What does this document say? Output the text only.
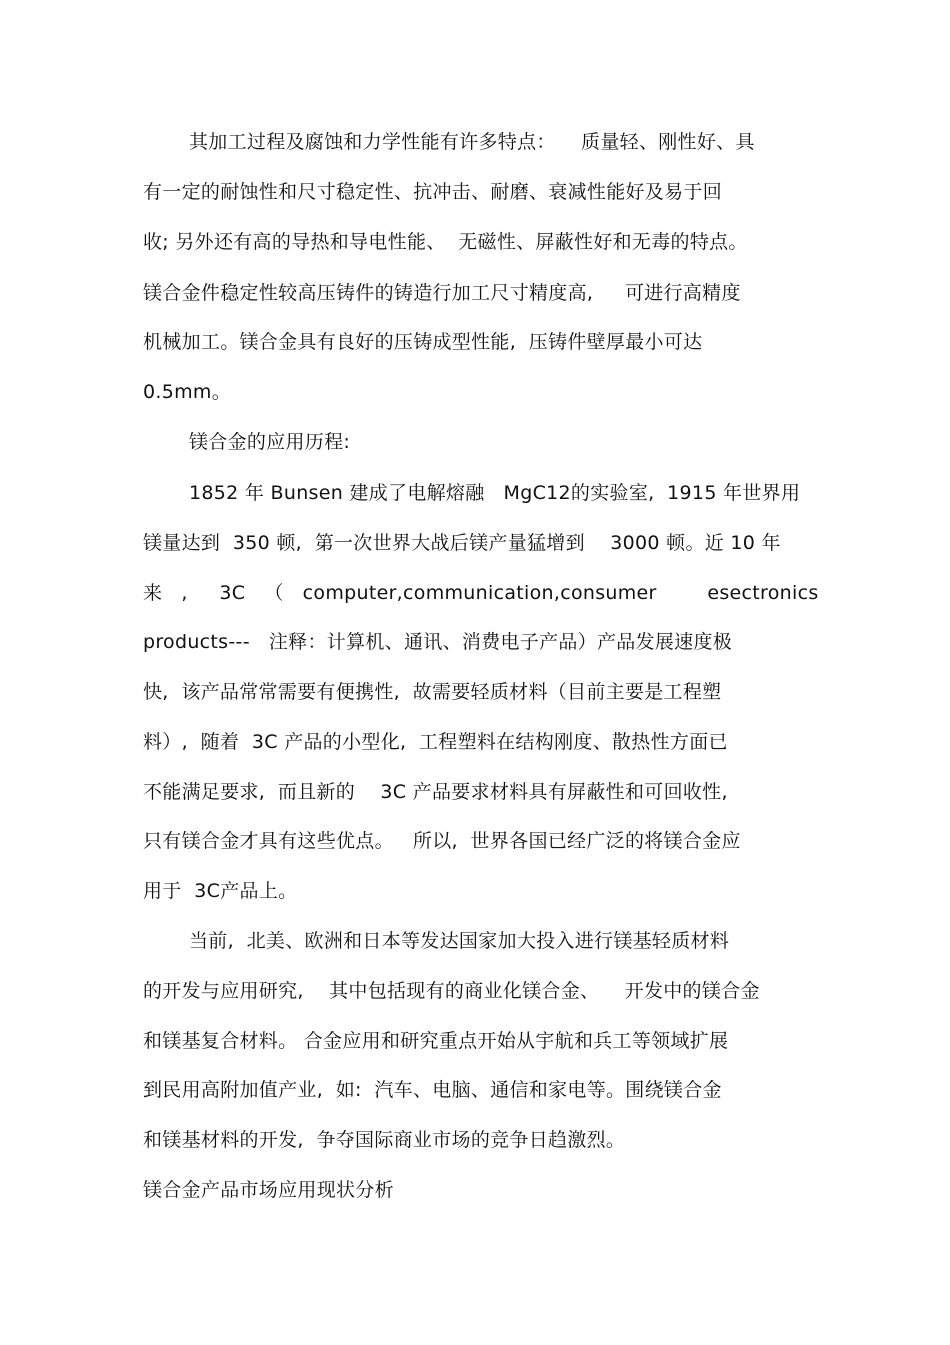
其加工过程及腐蚀和力学性能有许多特点：    质量轻、刚性好、具
有一定的耐蚀性和尺寸稳定性、抗冲击、耐磨、衰减性能好及易于回
收; 另外还有高的导热和导电性能、  无磁性、屏蔽性好和无毒的特点。
镁合金件稳定性较高压铸件的铸造行加工尺寸精度高,     可进行高精度
机械加工。镁合金具有良好的压铸成型性能,  压铸件壁厚最小可达
0.5mm。
镁合金的应用历程:
1852 年 Bunsen 建成了电解熔融   MgC12的实验室,  1915 年世界用
镁量达到  350 顿,  第一次世界大战后镁产量猛增到    3000 顿。近 10 年
来   ,     3C   （   computer,communication,consumer        esectronics
products---   注释：计算机、通讯、消费电子产品）产品发展速度极
快,  该产品常常需要有便携性,  故需要轻质材料（目前主要是工程塑
料）,  随着  3C 产品的小型化,  工程塑料在结构刚度、散热性方面已
不能满足要求,  而且新的    3C 产品要求材料具有屏蔽性和可回收性,
只有镁合金才具有这些优点。   所以,  世界各国已经广泛的将镁合金应
用于  3C产品上。
当前,  北美、欧洲和日本等发达国家加大投入进行镁基轻质材料
的开发与应用研究,    其中包括现有的商业化镁合金、    开发中的镁合金
和镁基复合材料。 合金应用和研究重点开始从宇航和兵工等领域扩展
到民用高附加值产业,  如:  汽车、电脑、通信和家电等。围绕镁合金
和镁基材料的开发,  争夺国际商业市场的竞争日趋激烈。
镁合金产品市场应用现状分析
